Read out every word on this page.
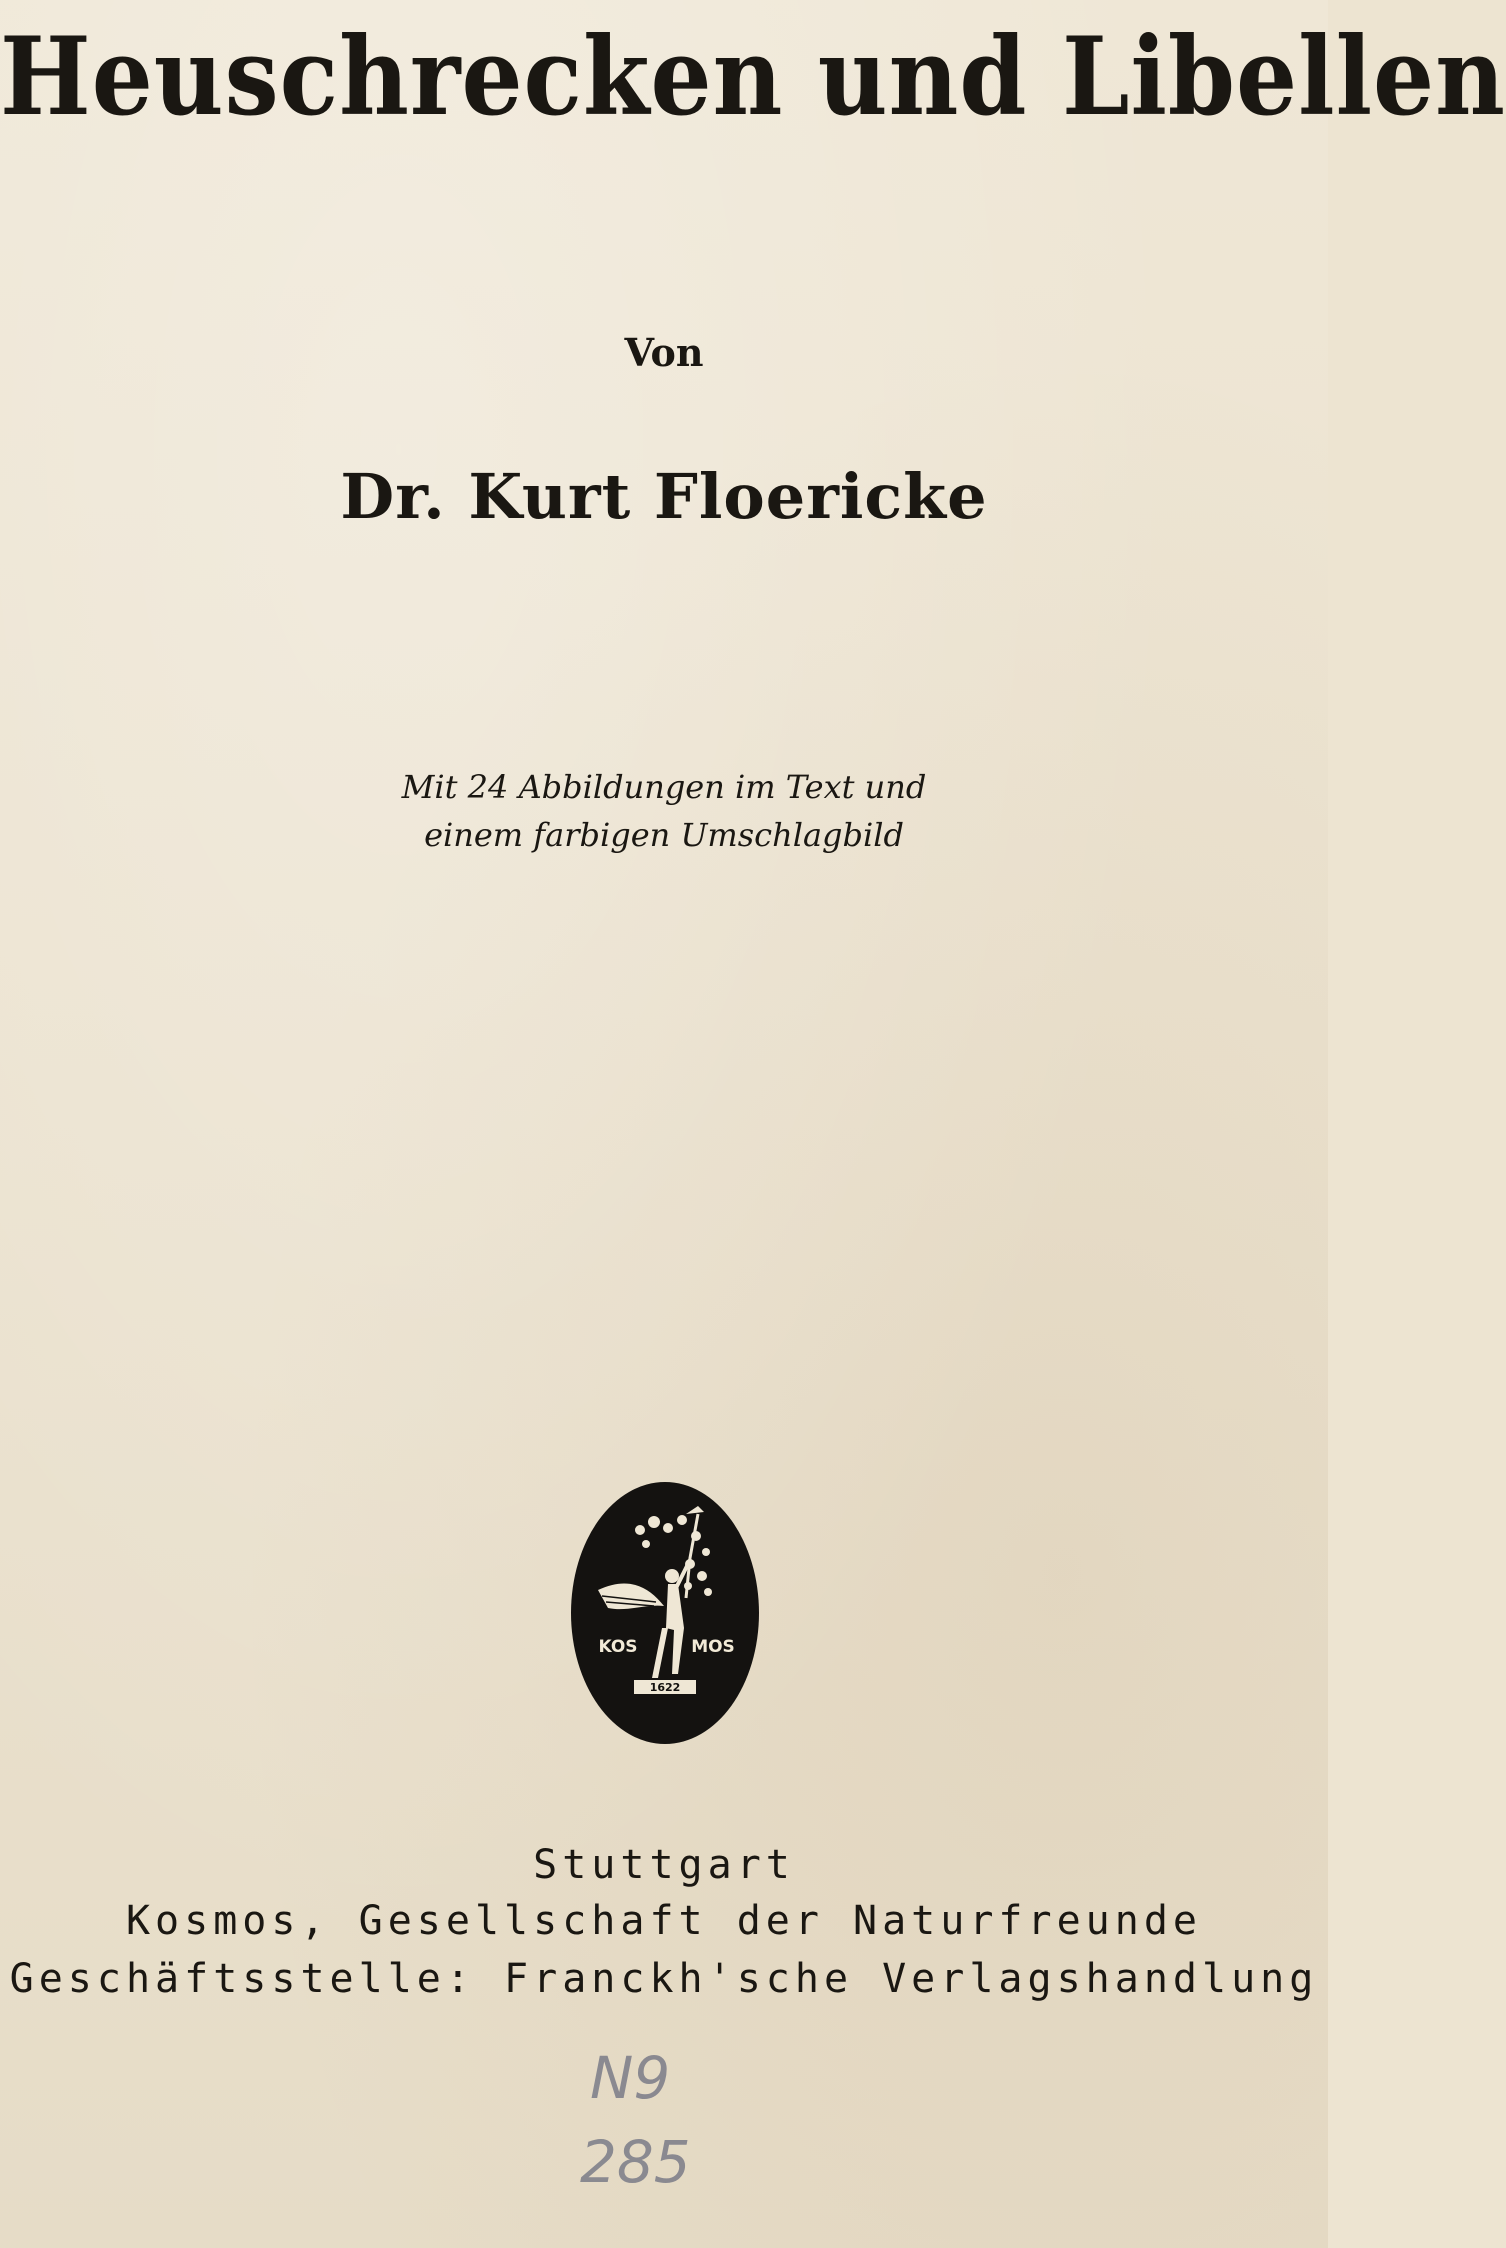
Heuschrecken und Libellen
Von
Dr. Kurt Floericke
Mit 24 Abbildungen im Text und
einem farbigen Umschlagbild
1622
KOS	MOS
Stuttgart
Kosmos, Gesellschaft der Naturfreunde
Geschäftsstelle: Franckh'sche Verlagshandlung
N9
285
